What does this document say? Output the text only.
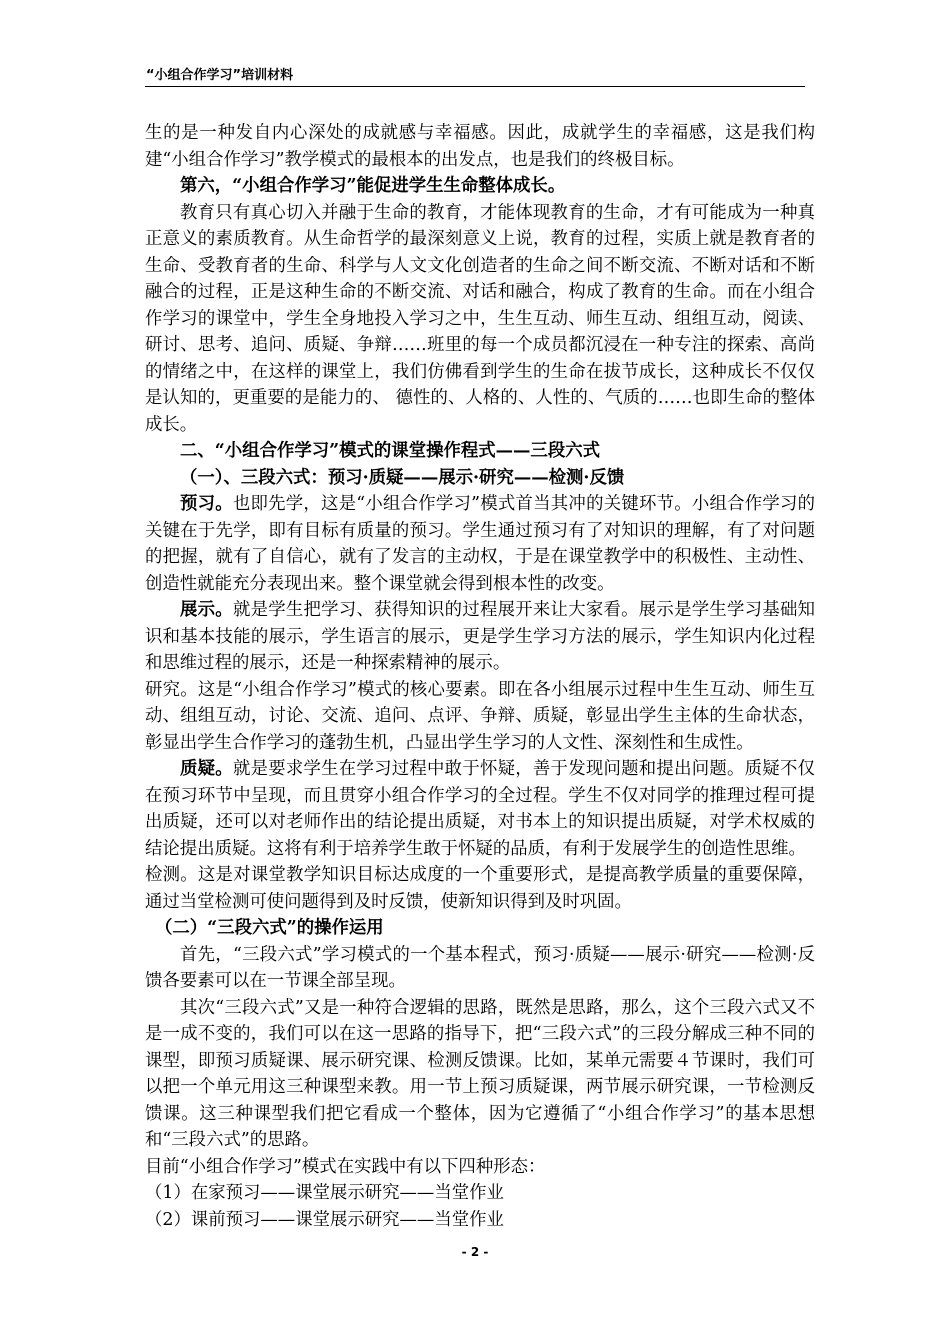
“小组合作学习”培训材料

生的是一种发自内心深处的成就感与幸福感。因此，成就学生的幸福感，这是我们构建“小组合作学习”教学模式的最根本的出发点，也是我们的终极目标。

第六，“小组合作学习”能促进学生生命整体成长。

教育只有真心切入并融于生命的教育，才能体现教育的生命，才有可能成为一种真正意义的素质教育。从生命哲学的最深刻意义上说，教育的过程，实质上就是教育者的生命、受教育者的生命、科学与人文文化创造者的生命之间不断交流、不断对话和不断融合的过程，正是这种生命的不断交流、对话和融合，构成了教育的生命。而在小组合作学习的课堂中，学生全身地投入学习之中，生生互动、师生互动、组组互动，阅读、研讨、思考、追问、质疑、争辩……班里的每一个成员都沉浸在一种专注的探索、高尚的情绪之中，在这样的课堂上，我们仿佛看到学生的生命在拔节成长，这种成长不仅仅是认知的，更重要的是能力的、 德性的、人格的、人性的、气质的……也即生命的整体成长。

二、“小组合作学习”模式的课堂操作程式——三段六式

（一）、三段六式：预习·质疑——展示·研究——检测·反馈

预习。也即先学，这是“小组合作学习”模式首当其冲的关键环节。小组合作学习的关键在于先学，即有目标有质量的预习。学生通过预习有了对知识的理解，有了对问题的把握，就有了自信心，就有了发言的主动权，于是在课堂教学中的积极性、主动性、创造性就能充分表现出来。整个课堂就会得到根本性的改变。

展示。就是学生把学习、获得知识的过程展开来让大家看。展示是学生学习基础知识和基本技能的展示，学生语言的展示，更是学生学习方法的展示，学生知识内化过程和思维过程的展示，还是一种探索精神的展示。

研究。这是“小组合作学习”模式的核心要素。即在各小组展示过程中生生互动、师生互动、组组互动，讨论、交流、追问、点评、争辩、质疑，彰显出学生主体的生命状态，彰显出学生合作学习的蓬勃生机，凸显出学生学习的人文性、深刻性和生成性。

质疑。就是要求学生在学习过程中敢于怀疑，善于发现问题和提出问题。质疑不仅在预习环节中呈现，而且贯穿小组合作学习的全过程。学生不仅对同学的推理过程可提出质疑，还可以对老师作出的结论提出质疑，对书本上的知识提出质疑，对学术权威的结论提出质疑。这将有利于培养学生敢于怀疑的品质，有利于发展学生的创造性思维。

检测。这是对课堂教学知识目标达成度的一个重要形式，是提高教学质量的重要保障，通过当堂检测可使问题得到及时反馈，使新知识得到及时巩固。

（二）“三段六式”的操作运用

首先，“三段六式”学习模式的一个基本程式，预习·质疑——展示·研究——检测·反馈各要素可以在一节课全部呈现。

其次“三段六式”又是一种符合逻辑的思路，既然是思路，那么，这个三段六式又不是一成不变的，我们可以在这一思路的指导下，把“三段六式”的三段分解成三种不同的课型，即预习质疑课、展示研究课、检测反馈课。比如，某单元需要４节课时，我们可以把一个单元用这三种课型来教。用一节上预习质疑课，两节展示研究课，一节检测反馈课。这三种课型我们把它看成一个整体，因为它遵循了“小组合作学习”的基本思想和“三段六式”的思路。

目前“小组合作学习”模式在实践中有以下四种形态：

（1）在家预习——课堂展示研究——当堂作业

（2）课前预习——课堂展示研究——当堂作业

- 2 -
